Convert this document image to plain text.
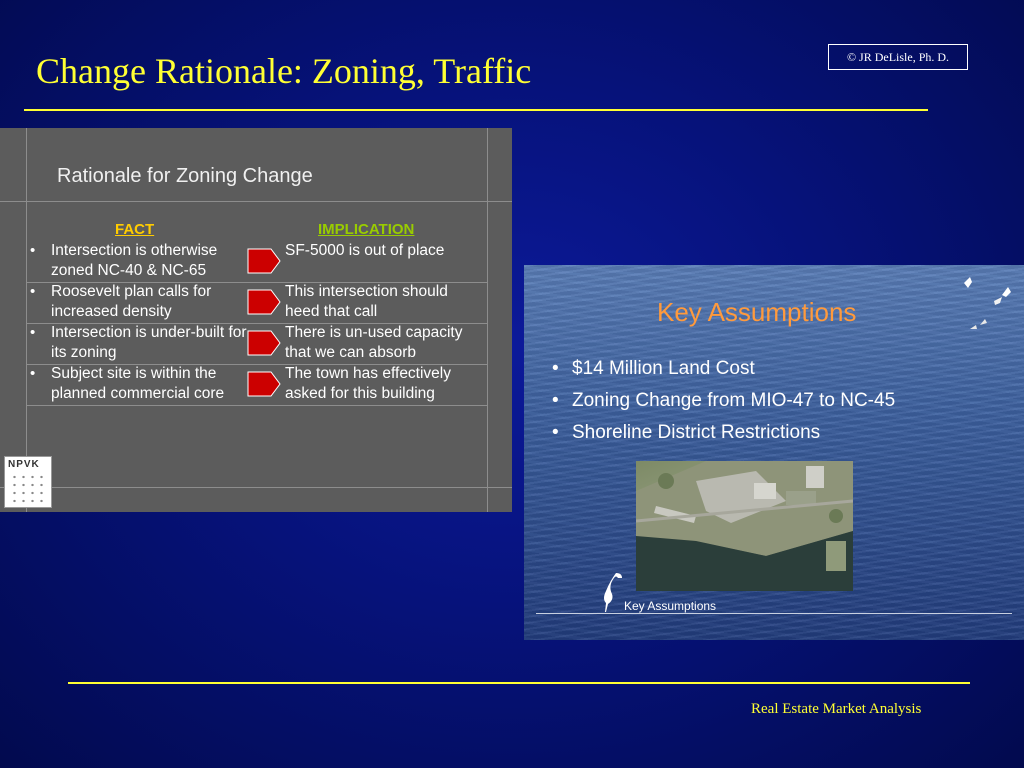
Change Rationale: Zoning, Traffic	© JR DeLisle, Ph. D.
Rationale for Zoning Change
FACT	IMPLICATION
• Intersection is otherwise zoned NC-40 & NC-65
SF-5000 is out of place
• Roosevelt plan calls for increased density
This intersection should heed that call
• Intersection is under-built for its zoning
There is un-used capacity that we can absorb
• Subject site is within the planned commercial core
The town has effectively asked for this building
NPVK
Key Assumptions
• $14 Million Land Cost
• Zoning Change from MIO-47 to NC-45
• Shoreline District Restrictions
Key Assumptions
Real Estate Market Analysis
